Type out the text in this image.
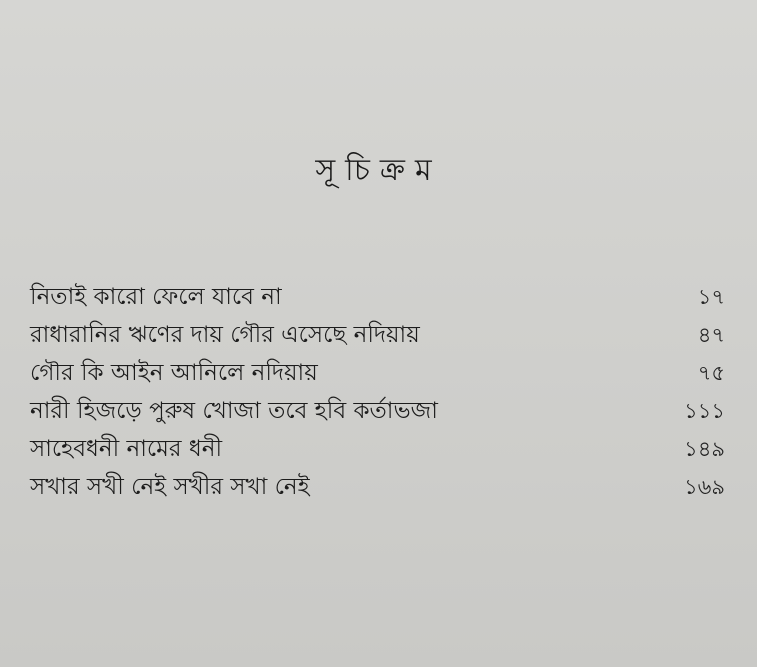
সূচিক্রম
নিতাই কারো ফেলে যাবে না	১৭
রাধারানির ঋণের দায় গৌর এসেছে নদিয়ায়	৪৭
গৌর কি আইন আনিলে নদিয়ায়	৭৫
নারী হিজড়ে পুরুষ খোজা তবে হবি কর্তাভজা	১১১
সাহেবধনী নামের ধনী	১৪৯
সখার সখী নেই সখীর সখা নেই	১৬৯
